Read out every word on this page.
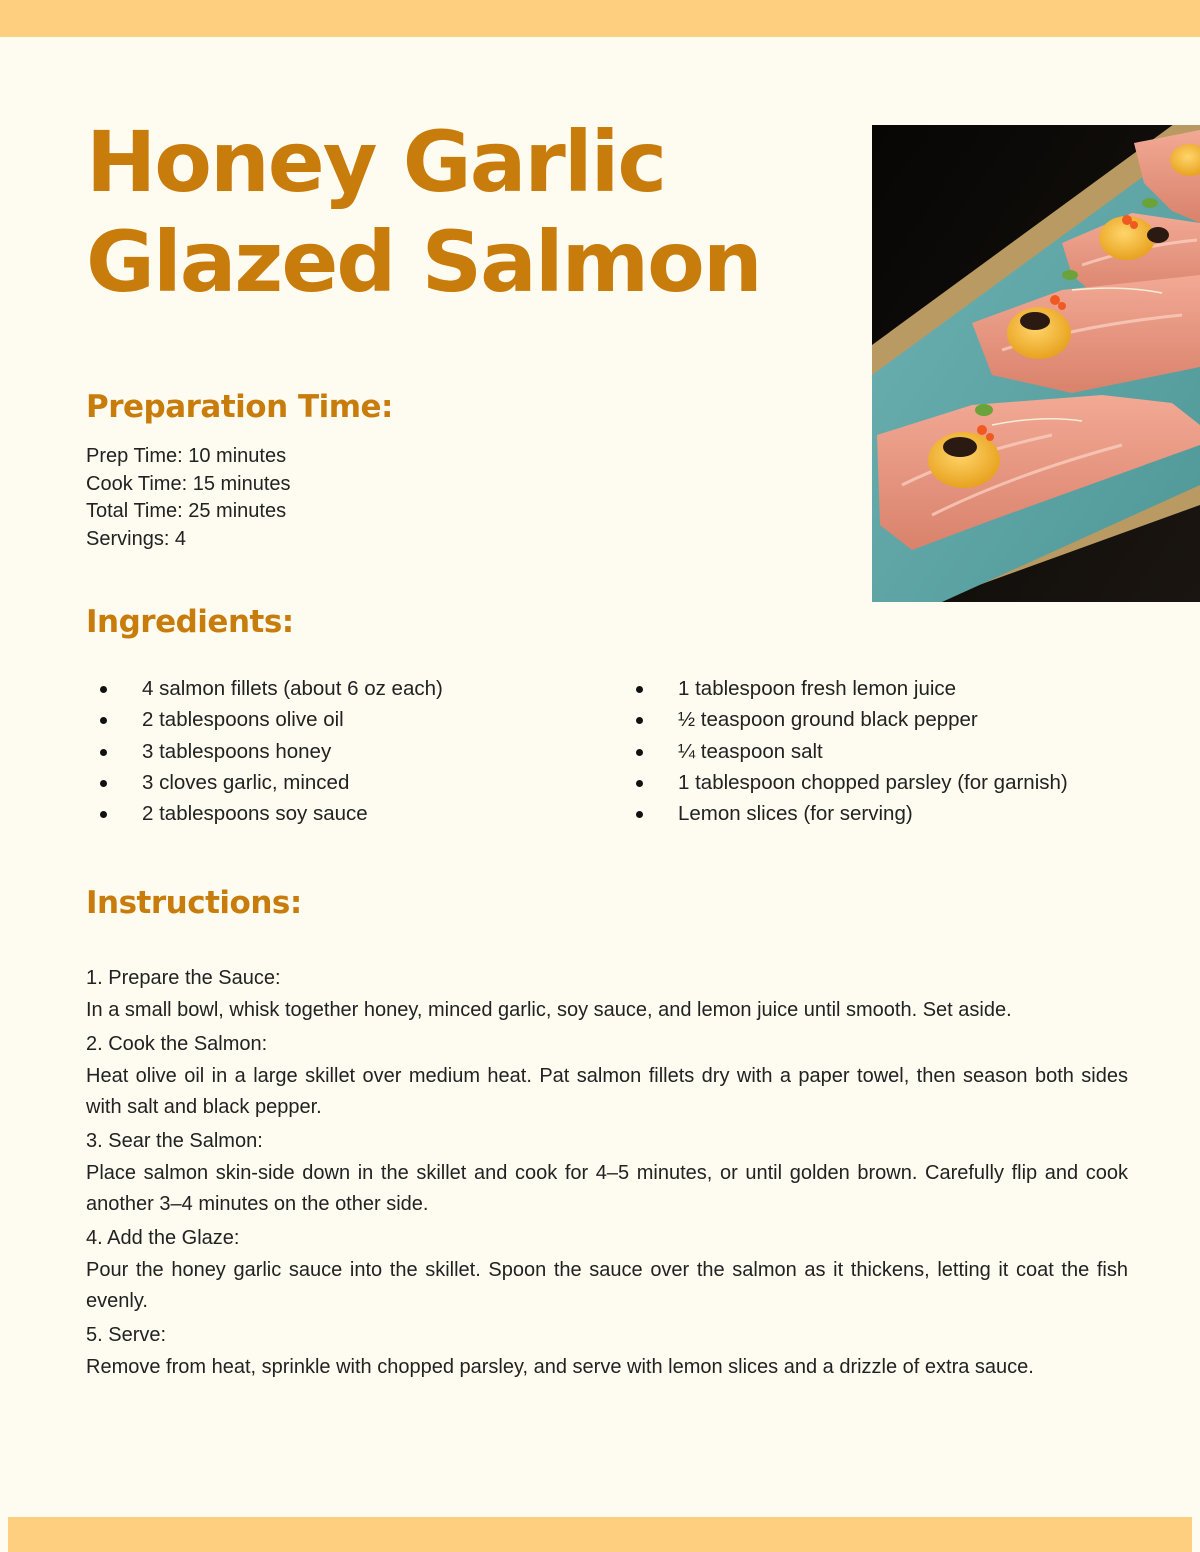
Honey Garlic
Glazed Salmon
Preparation Time:
Prep Time: 10 minutes
Cook Time: 15 minutes
Total Time: 25 minutes
Servings: 4
Ingredients:
4 salmon fillets (about 6 oz each)
2 tablespoons olive oil
3 tablespoons honey
3 cloves garlic, minced
2 tablespoons soy sauce
1 tablespoon fresh lemon juice
½ teaspoon ground black pepper
¼ teaspoon salt
1 tablespoon chopped parsley (for garnish)
Lemon slices (for serving)
Instructions:
1. Prepare the Sauce:
In a small bowl, whisk together honey, minced garlic, soy sauce, and lemon juice until smooth. Set aside.
2. Cook the Salmon:
Heat olive oil in a large skillet over medium heat. Pat salmon fillets dry with a paper towel, then season both sides with salt and black pepper.
3. Sear the Salmon:
Place salmon skin-side down in the skillet and cook for 4–5 minutes, or until golden brown. Carefully flip and cook another 3–4 minutes on the other side.
4. Add the Glaze:
Pour the honey garlic sauce into the skillet. Spoon the sauce over the salmon as it thickens, letting it coat the fish evenly.
5. Serve:
Remove from heat, sprinkle with chopped parsley, and serve with lemon slices and a drizzle of extra sauce.
